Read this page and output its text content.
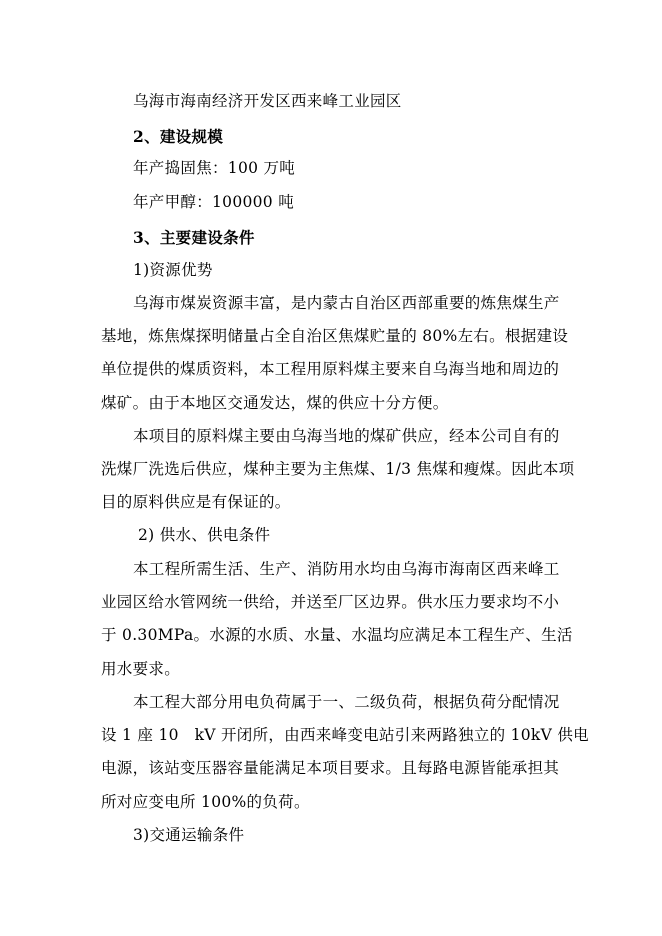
乌海市海南经济开发区西来峰工业园区
2、建设规模
年产捣固焦：100 万吨
年产甲醇：100000 吨
3、主要建设条件
1)资源优势
乌海市煤炭资源丰富，是内蒙古自治区西部重要的炼焦煤生产
基地，炼焦煤探明储量占全自治区焦煤贮量的 80%左右。根据建设
单位提供的煤质资料，本工程用原料煤主要来自乌海当地和周边的
煤矿。由于本地区交通发达，煤的供应十分方便。
本项目的原料煤主要由乌海当地的煤矿供应，经本公司自有的
洗煤厂洗选后供应，煤种主要为主焦煤、1/3 焦煤和瘦煤。因此本项
目的原料供应是有保证的。
2) 供水、供电条件
本工程所需生活、生产、消防用水均由乌海市海南区西来峰工
业园区给水管网统一供给，并送至厂区边界。供水压力要求均不小
于 0.30MPa。水源的水质、水量、水温均应满足本工程生产、生活
用水要求。
本工程大部分用电负荷属于一、二级负荷，根据负荷分配情况
设 1 座 10　kV 开闭所，由西来峰变电站引来两路独立的 10kV 供电
电源，该站变压器容量能满足本项目要求。且每路电源皆能承担其
所对应变电所 100%的负荷。
3)交通运输条件
